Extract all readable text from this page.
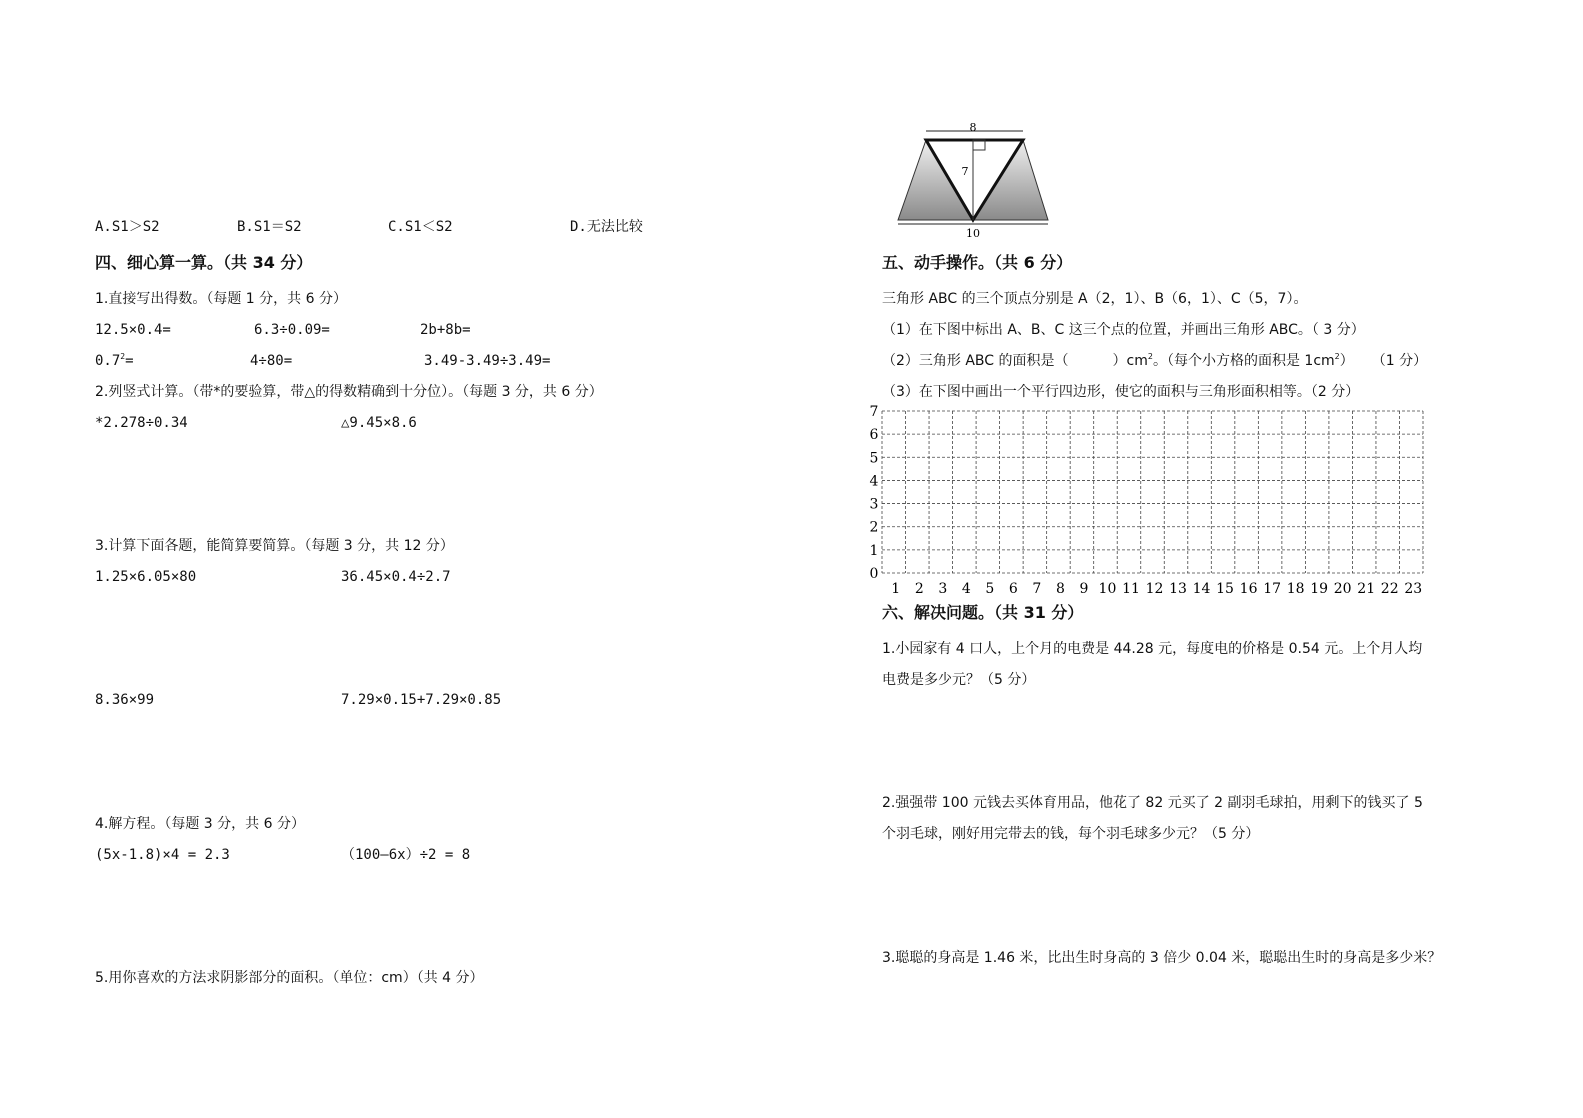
A.S1＞S2	B.S1＝S2	C.S1＜S2	D.无法比较
四、细心算一算。（共 34 分）
1.直接写出得数。（每题 1 分，共 6 分）
12.5×0.4=	6.3÷0.09=	2b+8b=
$0.7^2=$	4÷80=	3.49-3.49÷3.49=
2.列竖式计算。（带*的要验算，带△的得数精确到十分位）。（每题 3 分，共 6 分）
*2.278÷0.34	△9.45×8.6
3.计算下面各题，能简算要简算。（每题 3 分，共 12 分）
1.25×6.05×80	36.45×0.4÷2.7
8.36×99	7.29×0.15+7.29×0.85
4.解方程。（每题 3 分，共 6 分）
(5x-1.8)×4 = 2.3	（100—6x）÷2 = 8
5.用你喜欢的方法求阴影部分的面积。（单位：cm）（共 4 分）
8
7
10
五、动手操作。（共 6 分）
三角形 ABC 的三个顶点分别是 A（2，1）、B（6，1）、C（5，7）。
（1）在下图中标出 A、B、C 这三个点的位置，并画出三角形 ABC。（ 3 分）
（2）三角形 ABC 的面积是（	）$cm^2$。（每个小方格的面积是 $1cm^2$） （1 分）
（3）在下图中画出一个平行四边形，使它的面积与三角形面积相等。（2 分）
1 2 3 4 5 6 7 8 9 10 11 12 13 14 15 16 17 18 19 20 21 22 23
0
1
2
3
4
5
6
7
六、解决问题。（共 31 分）
1.小园家有 4 口人，上个月的电费是 44.28 元，每度电的价格是 0.54 元。上个月人均
电费是多少元？（5 分）
2.强强带 100 元钱去买体育用品，他花了 82 元买了 2 副羽毛球拍，用剩下的钱买了 5
个羽毛球，刚好用完带去的钱，每个羽毛球多少元？（5 分）
3.聪聪的身高是 1.46 米，比出生时身高的 3 倍少 0.04 米，聪聪出生时的身高是多少米？
